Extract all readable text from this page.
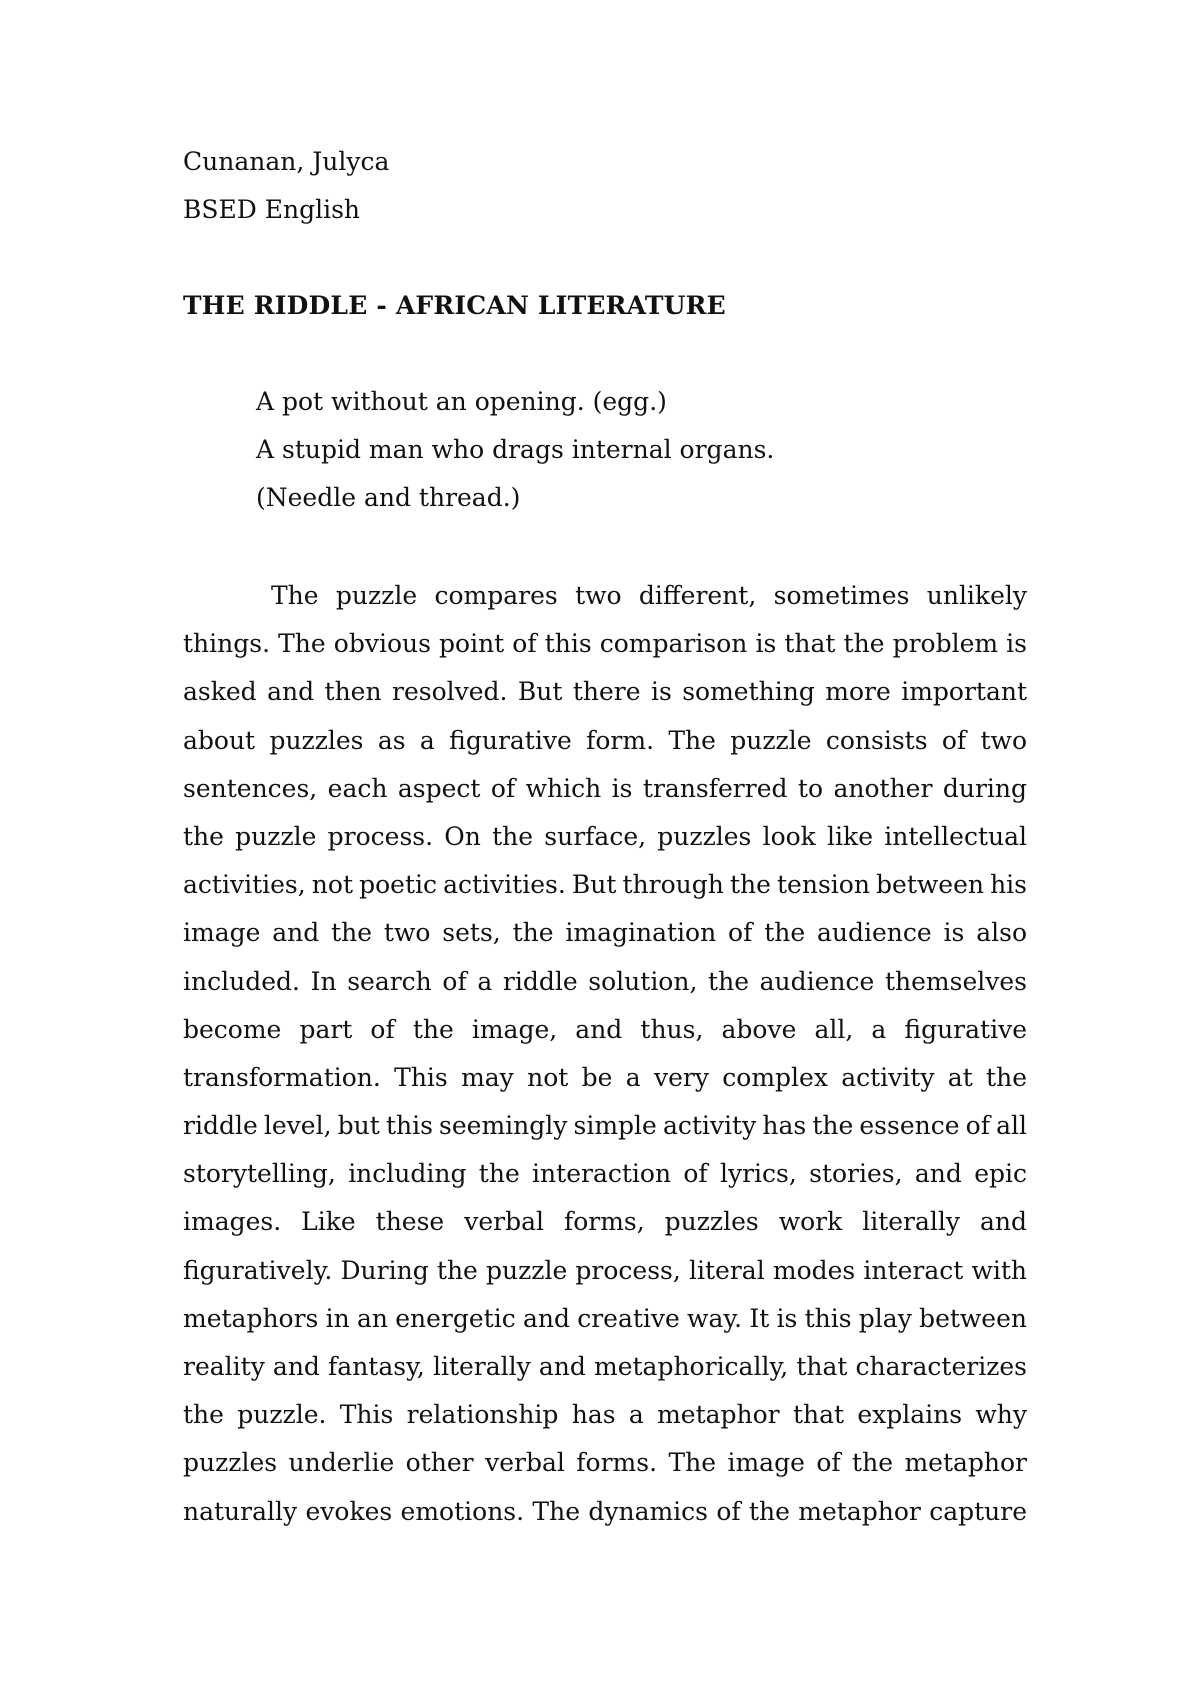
Cunanan, Julyca
BSED English
THE RIDDLE - AFRICAN LITERATURE
A pot without an opening. (egg.)
A stupid man who drags internal organs.
(Needle and thread.)
The puzzle compares two different, sometimes unlikely
things. The obvious point of this comparison is that the problem is
asked and then resolved. But there is something more important
about puzzles as a figurative form. The puzzle consists of two
sentences, each aspect of which is transferred to another during
the puzzle process. On the surface, puzzles look like intellectual
activities, not poetic activities. But through the tension between his
image and the two sets, the imagination of the audience is also
included. In search of a riddle solution, the audience themselves
become part of the image, and thus, above all, a figurative
transformation. This may not be a very complex activity at the
riddle level, but this seemingly simple activity has the essence of all
storytelling, including the interaction of lyrics, stories, and epic
images. Like these verbal forms, puzzles work literally and
figuratively. During the puzzle process, literal modes interact with
metaphors in an energetic and creative way. It is this play between
reality and fantasy, literally and metaphorically, that characterizes
the puzzle. This relationship has a metaphor that explains why
puzzles underlie other verbal forms. The image of the metaphor
naturally evokes emotions. The dynamics of the metaphor capture
